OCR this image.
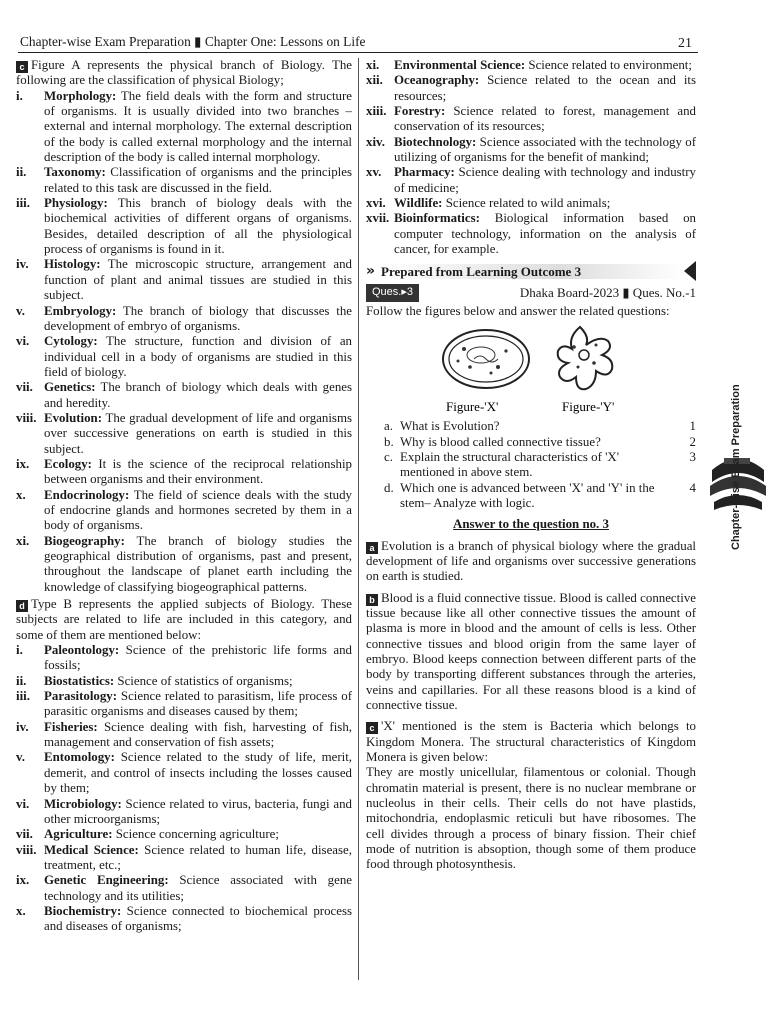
Chapter-wise Exam Preparation ▮ Chapter One: Lessons on Life	21

c Figure A represents the physical branch of Biology. The following are the classification of physical Biology;

i.	Morphology: The field deals with the form and structure of organisms. It is usually divided into two branches – external and internal morphology. The external description of the body is called external morphology and the internal description of the body is called internal morphology.
ii.	Taxonomy: Classification of organisms and the principles related to this task are discussed in the field.
iii.	Physiology: This branch of biology deals with the biochemical activities of different organs of organisms. Besides, detailed description of all the physiological process of organisms is found in it.
iv.	Histology: The microscopic structure, arrangement and function of plant and animal tissues are studied in this subject.
v.	Embryology: The branch of biology that discusses the development of embryo of organisms.
vi.	Cytology: The structure, function and division of an individual cell in a body of organisms are studied in this field of biology.
vii. Genetics: The branch of biology which deals with genes and heredity.
viii. Evolution: The gradual development of life and organisms over successive generations on earth is studied in this subject.
ix.	Ecology: It is the science of the reciprocal relationship between organisms and their environment.
x.	Endocrinology: The field of science deals with the study of endocrine glands and hormones secreted by them in a body of organisms.
xi.	Biogeography: The branch of biology studies the geographical distribution of organisms, past and present, throughout the landscape of planet earth including the knowledge of classifying biogeographical patterns.

d Type B represents the applied subjects of Biology. These subjects are related to life are included in this category, and some of them are mentioned below:

i.	Paleontology: Science of the prehistoric life forms and fossils;
ii.	Biostatistics: Science of statistics of organisms;
iii.	Parasitology: Science related to parasitism, life process of parasitic organisms and diseases caused by them;
iv.	Fisheries: Science dealing with fish, harvesting of fish, management and conservation of fish assets;
v.	Entomology: Science related to the study of life, merit, demerit, and control of insects including the losses caused by them;
vi.	Microbiology: Science related to virus, bacteria, fungi and other microorganisms;
vii. Agriculture: Science concerning agriculture;
viii. Medical Science: Science related to human life, disease, treatment, etc.;
ix.	Genetic Engineering: Science associated with gene technology and its utilities;
x.	Biochemistry: Science connected to biochemical process and diseases of organisms;
xi.	Environmental Science: Science related to environment;
xii. Oceanography: Science related to the ocean and its resources;
xiii. Forestry: Science related to forest, management and conservation of its resources;
xiv. Biotechnology: Science associated with the technology of utilizing of organisms for the benefit of mankind;
xv. Pharmacy: Science dealing with technology and industry of medicine;
xvi. Wildlife: Science related to wild animals;
xvii. Bioinformatics: Biological information based on computer technology, information on the analysis of cancer, for example.
» Prepared from Learning Outcome 3
Ques.▸3	Dhaka Board-2023 ▮ Ques. No.-1

Follow the figures below and answer the related questions:

Figure-'X'	Figure-'Y'
a. What is Evolution?	1
b. Why is blood called connective tissue?	2
c. Explain the structural characteristics of 'X' mentioned in above stem.
3
d. Which one is advanced between 'X' and 'Y' in the stem– Analyze with logic.
4
Answer to the question no. 3

a Evolution is a branch of physical biology where the gradual development of life and organisms over successive generations on earth is studied.

b Blood is a fluid connective tissue. Blood is called connective tissue because like all other connective tissues the amount of plasma is more in blood and the amount of cells is less. Other connective tissues and blood origin from the same layer of embryo. Blood keeps connection between different parts of the body by transporting different substances through the arteries, veins and capillaries. For all these reasons blood is a kind of connective tissue.

c 'X' mentioned is the stem is Bacteria which belongs to Kingdom Monera. The structural characteristics of Kingdom Monera is given below:

They are mostly unicellular, filamentous or colonial. Though chromatin material is present, there is no nuclear membrane or nucleolus in their cells. Their cells do not have plastids, mitochondria, endoplasmic reticuli but have ribosomes. The cell divides through a process of binary fission. Their chief mode of nutrition is absoption, though some of them produce food through photosynthesis.

Chapter-wise Exam Preparation
